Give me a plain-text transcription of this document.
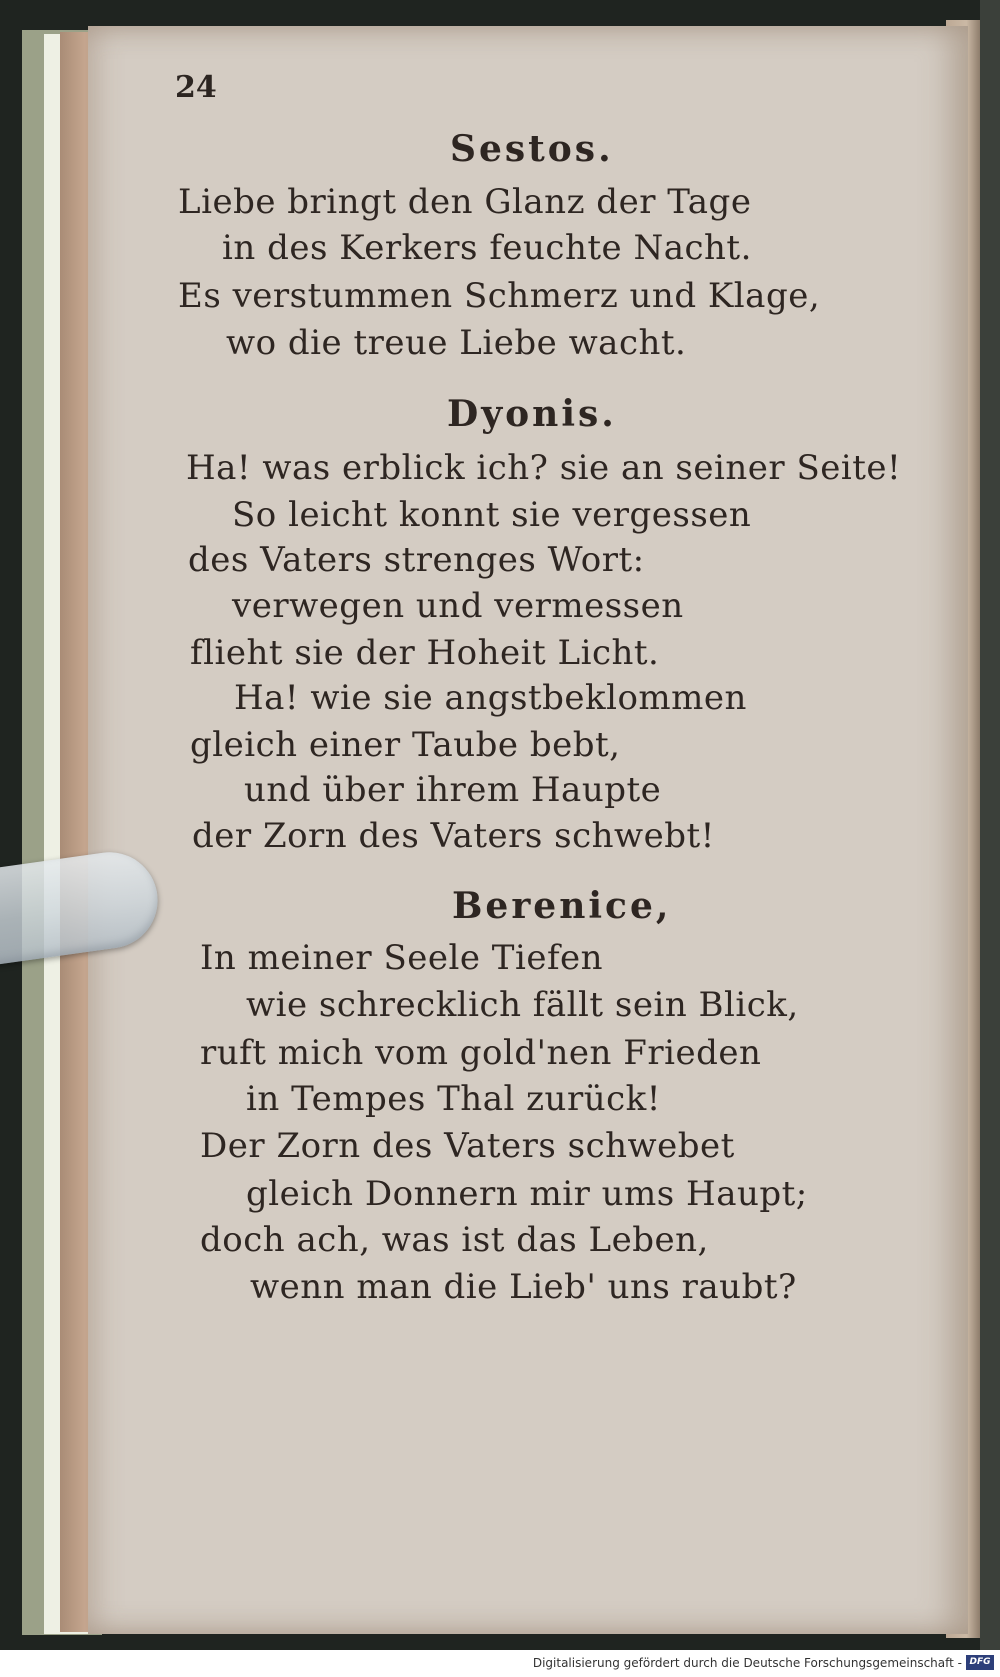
24
Sestos.
Liebe bringt den Glanz der Tage
in des Kerkers feuchte Nacht.
Es verstummen Schmerz und Klage,
wo die treue Liebe wacht.
Dyonis.
Ha! was erblick ich? sie an seiner Seite!
So leicht konnt sie vergessen
des Vaters strenges Wort:
verwegen und vermessen
flieht sie der Hoheit Licht.
Ha! wie sie angstbeklommen
gleich einer Taube bebt,
und über ihrem Haupte
der Zorn des Vaters schwebt!
Berenice,
In meiner Seele Tiefen
wie schrecklich fällt sein Blick,
ruft mich vom gold'nen Frieden
in Tempes Thal zurück!
Der Zorn des Vaters schwebet
gleich Donnern mir ums Haupt;
doch ach, was ist das Leben,
wenn man die Lieb' uns raubt?
Digitalisierung gefördert durch die Deutsche Forschungsgemeinschaft - DFG
